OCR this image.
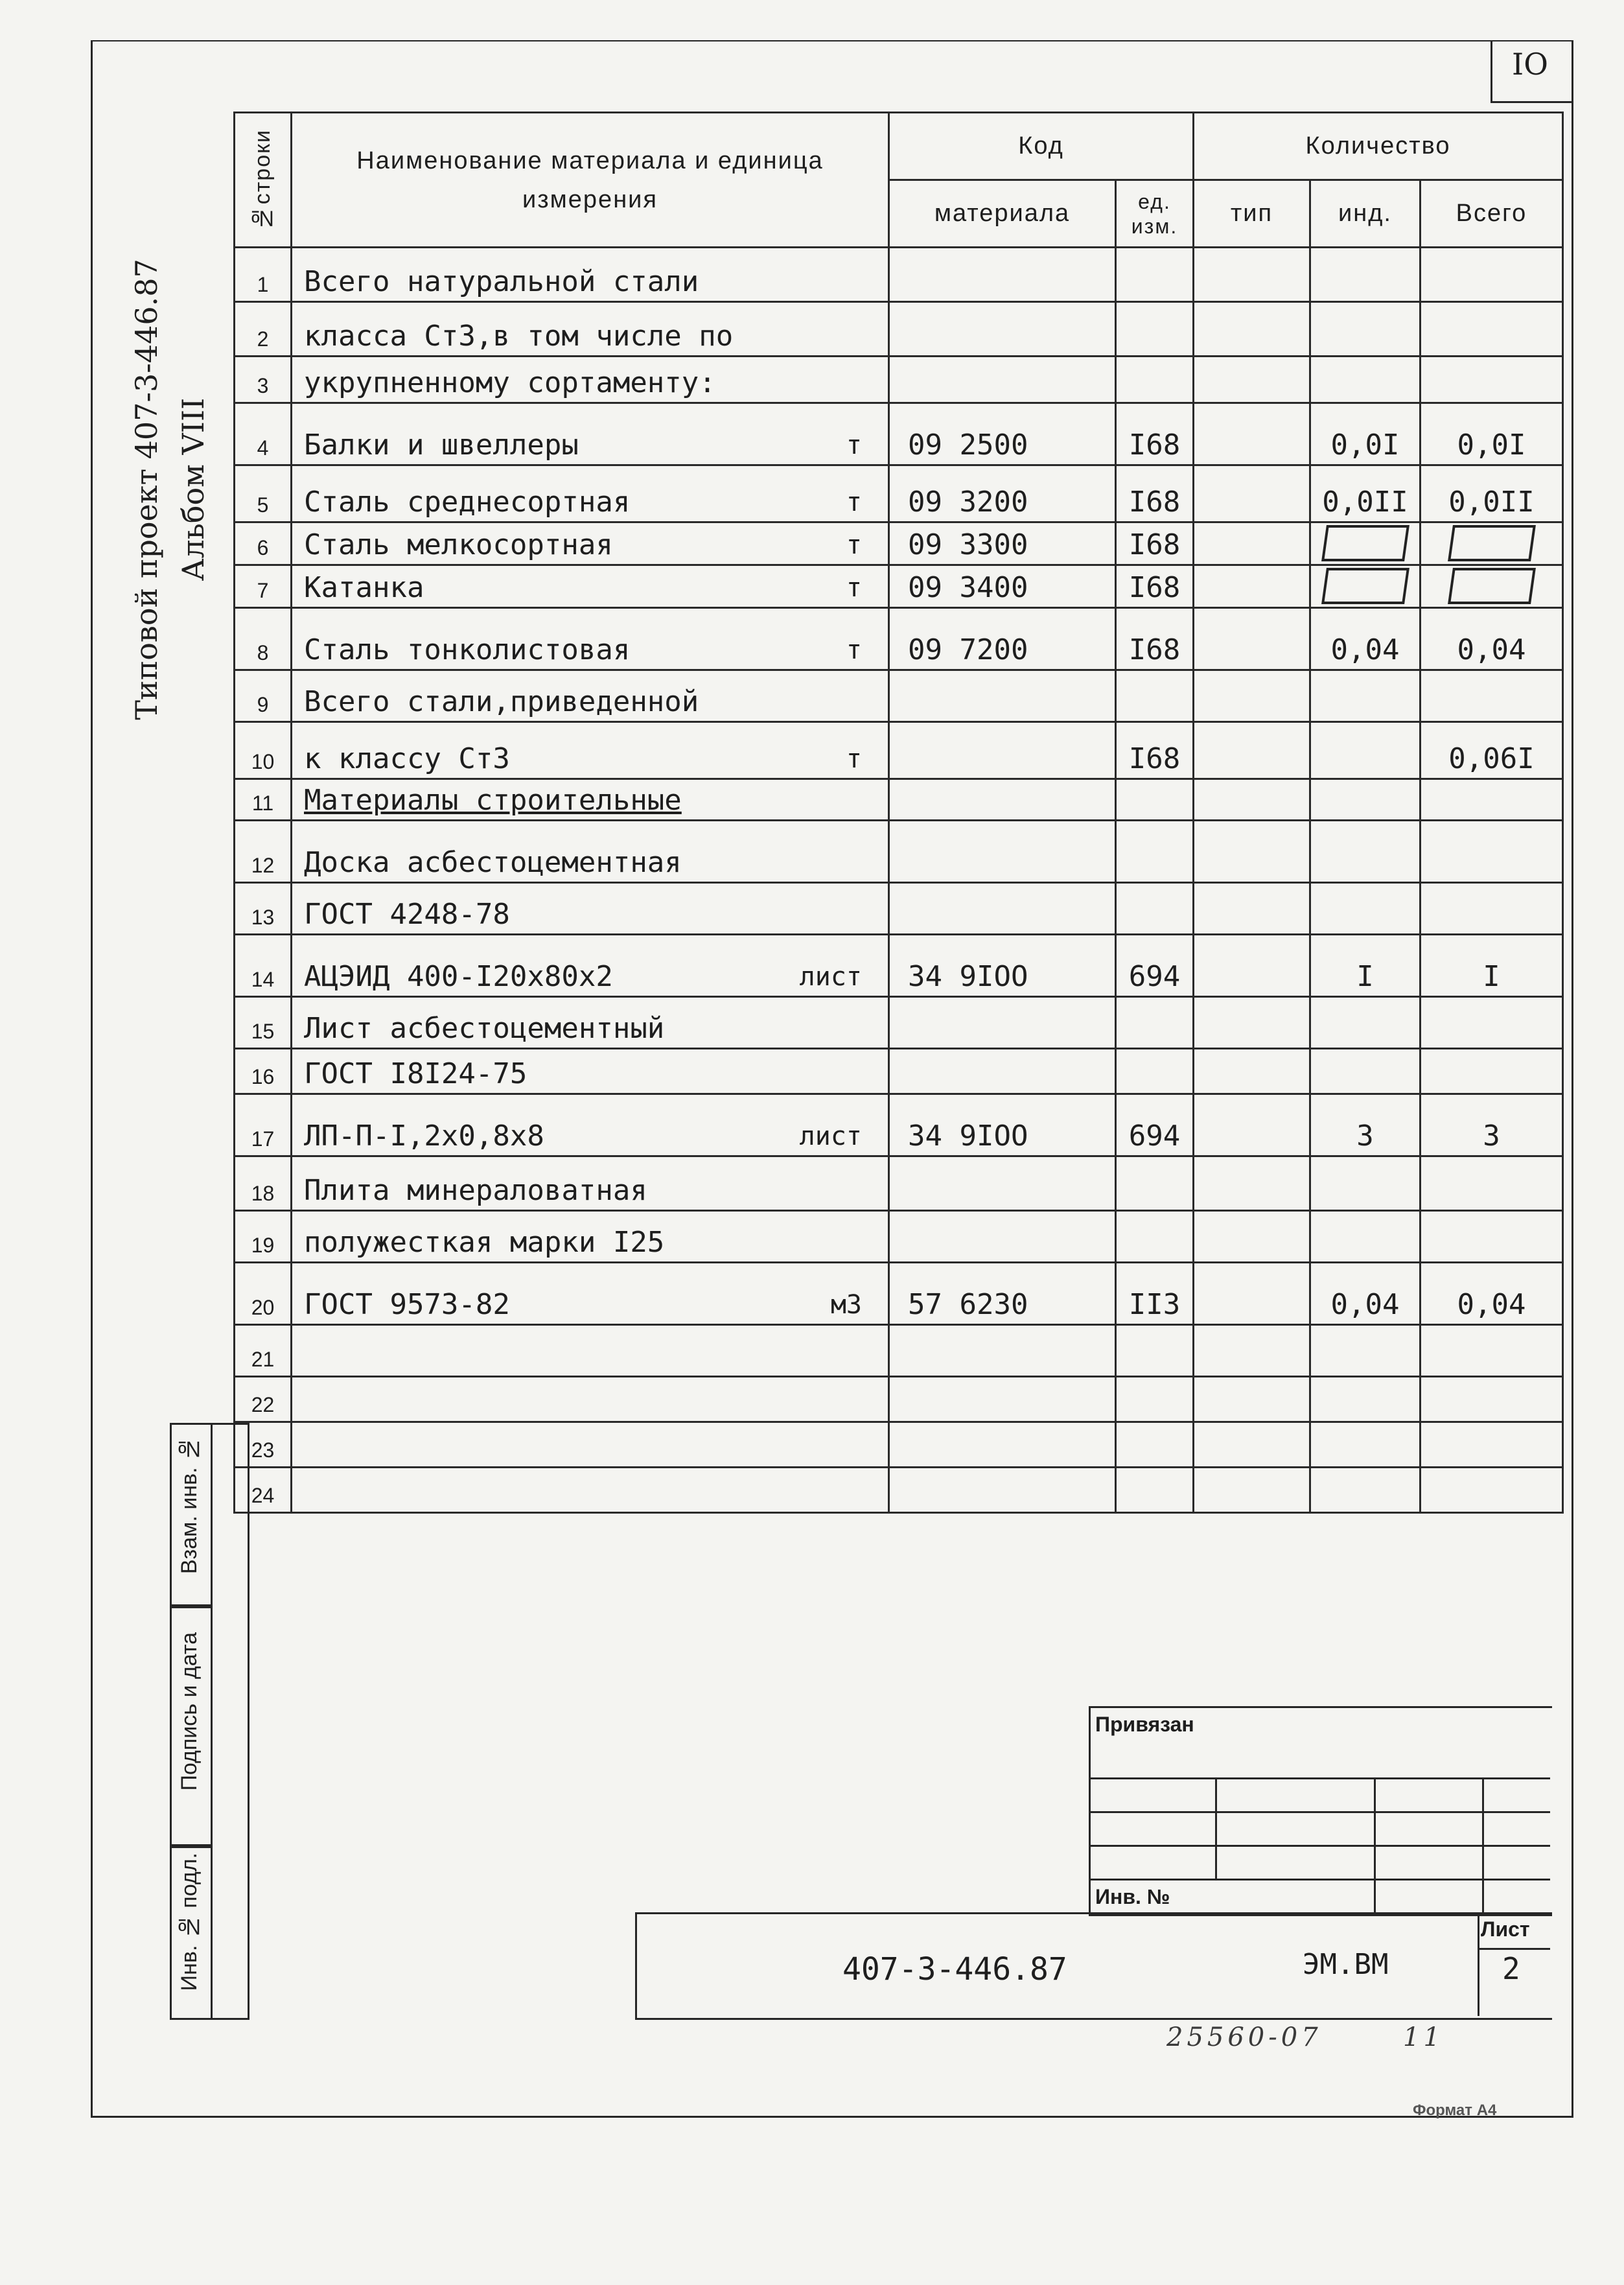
IO
Типовой проект 407-3-446.87 Альбом VIII
№строки	Наименование материала и единица измерения	Код		Количество		
		материала	ед. изм.	тип	инд.	Всего
1	Всего натуральной стали

2	класса Ст3,в том числе по

3	укрупненному сортаменту:

4	Балки и швеллеры т	09 2500	I68		0,0I	0,0I
5	Сталь среднесортная т	09 3200	I68		0,0II	0,0II
6	Сталь мелкосортная т	09 3300	I68			
7	Катанка т	09 3400	I68			
8	Сталь тонколистовая т	09 7200	I68		0,04	0,04
9	Всего стали,приведенной

10	к классу Ст3 т		I68			0,06I
11	Материалы строительные

12	Доска асбестоцементная

13	ГОСТ 4248-78

14	АЦЭИД 400-I20х80х2 лист	34 9IOO	694		I	I
15	Лист асбестоцементный

16	ГОСТ I8I24-75

17	ЛП-П-I,2х0,8х8 лист	34 9IOO	694		3	3
18	Плита минераловатная

19	полужесткая марки I25

20	ГОСТ 9573-82 м3	57 6230	II3		0,04	0,04
21	

22	

23	

24	

Взам. инв. №
Подпись и дата
Инв. № подл.
Привязан
Инв. №
407-3-446.87	ЭМ.ВМ
Лист
2
25560-07	11
Формат А4
